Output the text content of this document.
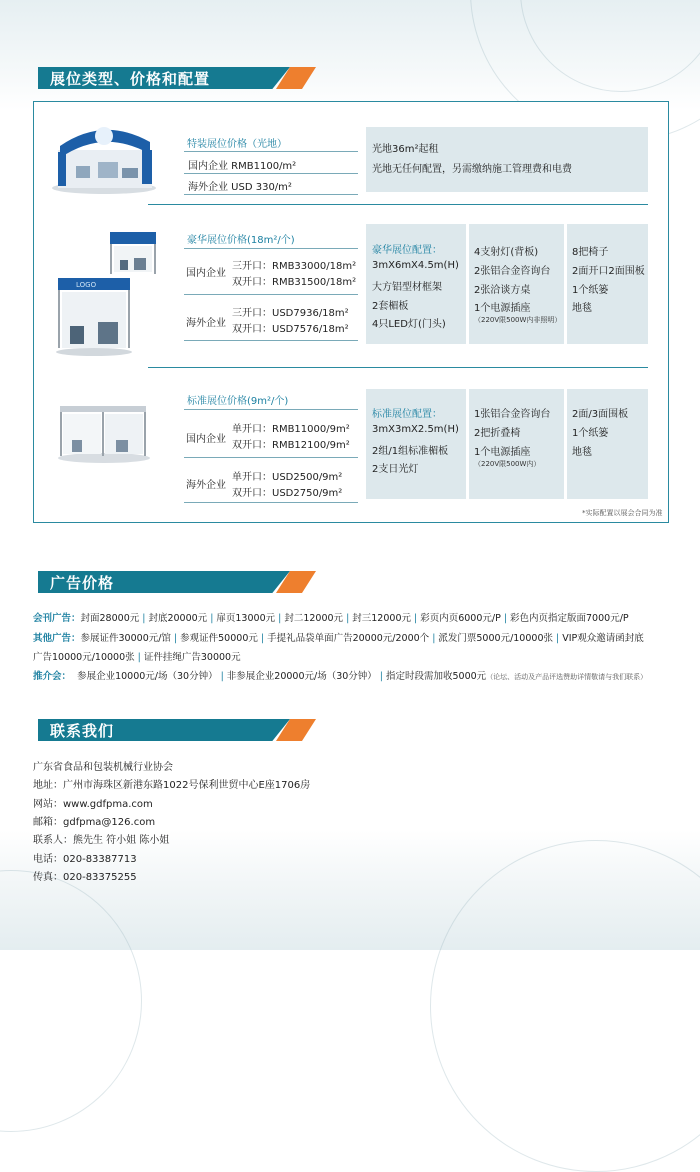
展位类型、价格和配置
特装展位价格（光地）
国内企业 RMB1100/m²
海外企业 USD 330/m²
光地36m²起租
光地无任何配置，另需缴纳施工管理费和电费
LOGO
豪华展位价格(18m²/个)
国内企业
三开口：RMB33000/18m²
双开口：RMB31500/18m²
海外企业
三开口：USD7936/18m²
双开口：USD7576/18m²
豪华展位配置：
3mX6mX4.5m(H)
大方铝型材框架
2套楣板
4只LED灯(门头)
4支射灯(背板)
2张铝合金咨询台
2张洽谈方桌
1个电源插座
（220V限500W内非照明）
8把椅子
2面开口2面围板
1个纸篓
地毯
标准展位价格(9m²/个)
国内企业
单开口：RMB11000/9m²
双开口：RMB12100/9m²
海外企业
单开口：USD2500/9m²
双开口：USD2750/9m²
标准展位配置：
3mX3mX2.5m(H)
2组/1组标准楣板
2支日光灯
1张铝合金咨询台
2把折叠椅
1个电源插座
（220V限500W内）
2面/3面围板
1个纸篓
地毯
*实际配置以展会合同为准
广告价格
会刊广告：封面28000元 | 封底20000元 | 扉页13000元 | 封二12000元 | 封三12000元 | 彩页内页6000元/P | 彩色内页指定版面7000元/P
其他广告：参展证件30000元/馆 | 参观证件50000元 | 手提礼品袋单面广告20000元/2000个 | 派发门票5000元/10000张 | VIP观众邀请函封底
广告10000元/10000张 | 证件挂绳广告30000元
推介会： 参展企业10000元/场（30分钟） | 非参展企业20000元/场（30分钟） | 指定时段需加收5000元（论坛、活动及产品评选赞助详情敬请与我们联系）
联系我们
广东省食品和包装机械行业协会
地址：广州市海珠区新港东路1022号保利世贸中心E座1706房
网站：www.gdfpma.com
邮箱：gdfpma@126.com
联系人：熊先生 符小姐 陈小姐
电话：020-83387713
传真：020-83375255
